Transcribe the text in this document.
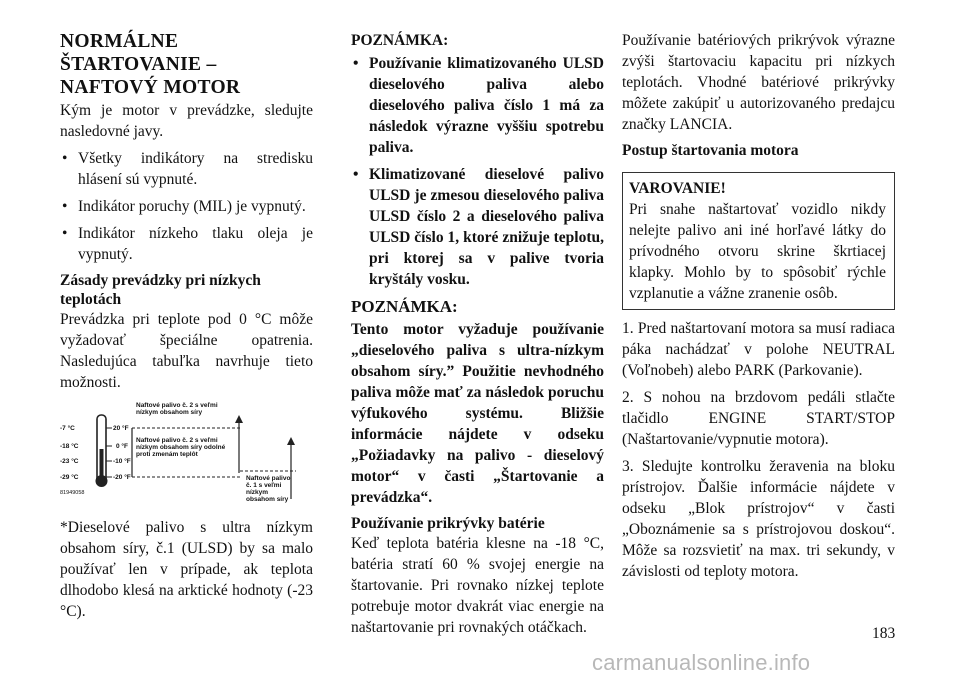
NORMÁLNE ŠTARTOVANIE – NAFTOVÝ MOTOR

Kým je motor v prevádzke, sledujte nasledovné javy.

• Všetky indikátory na stredisku hlásení sú vypnuté.
• Indikátor poruchy (MIL) je vypnutý.
• Indikátor nízkeho tlaku oleja je vypnutý.
Zásady prevádzky pri nízkych teplotách

Prevádzka pri teplote pod 0 °C môže vyžadovať špeciálne opatrenia. Nasledujúca tabuľka navrhuje tieto možnosti.

-7 °C
-18 °C
-23 °C
-29 °C
20 °F
0 °F
-10 °F
-20 °F
Naftové palivo č. 2 s veľmi nízkym obsahom síry
Naftové palivo č. 2 s veľmi nízkym obsahom síry odolné proti zmenám teplôt
Naftové palivo č. 1 s veľmi nízkym obsahom síry
81949058

*Dieselové palivo s ultra nízkym obsahom síry, č.1 (ULSD) by sa malo používať len v prípade, ak teplota dlhodobo klesá na arktické hodnoty (-23 °C).

POZNÁMKA:
• Používanie klimatizovaného ULSD dieselového paliva alebo dieselového paliva číslo 1 má za následok výrazne vyššiu spotrebu paliva.
• Klimatizované dieselové palivo ULSD je zmesou dieselového paliva ULSD číslo 2 a dieselového paliva ULSD číslo 1, ktoré znižuje teplotu, pri ktorej sa v palive tvoria kryštály vosku.
POZNÁMKA:

Tento motor vyžaduje používanie „dieselového paliva s ultra-nízkym obsahom síry.” Použitie nevhodného paliva môže mať za následok poruchu výfukového systému. Bližšie informácie nájdete v odseku „Požiadavky na palivo - dieselový motor“ v časti „Štartovanie a prevádzka“.

Používanie prikrývky batérie

Keď teplota batéria klesne na -18 °C, batéria stratí 60 % svojej energie na štartovanie. Pri rovnako nízkej teplote potrebuje motor dvakrát viac energie na naštartovanie pri rovnakých otáčkach.

Používanie batériových prikrývok výrazne zvýši štartovaciu kapacitu pri nízkych teplotách. Vhodné batériové prikrývky môžete zakúpiť u autorizovaného predajcu značky LANCIA.

Postup štartovania motora
VAROVANIE!

Pri snahe naštartovať vozidlo nikdy nelejte palivo ani iné horľavé látky do prívodného otvoru skrine škrtiacej klapky. Mohlo by to spôsobiť rýchle vzplanutie a vážne zranenie osôb.

1. Pred naštartovaní motora sa musí radiaca páka nachádzať v polohe NEUTRAL (Voľnobeh) alebo PARK (Parkovanie).

2. S nohou na brzdovom pedáli stlačte tlačidlo ENGINE START/STOP (Naštartovanie/vypnutie motora).

3. Sledujte kontrolku žeravenia na bloku prístrojov. Ďalšie informácie nájdete v odseku „Blok prístrojov“ v časti „Oboznámenie sa s prístrojovou doskou“. Môže sa rozsvietiť na max. tri sekundy, v závislosti od teploty motora.

183
carmanualsonline.info
